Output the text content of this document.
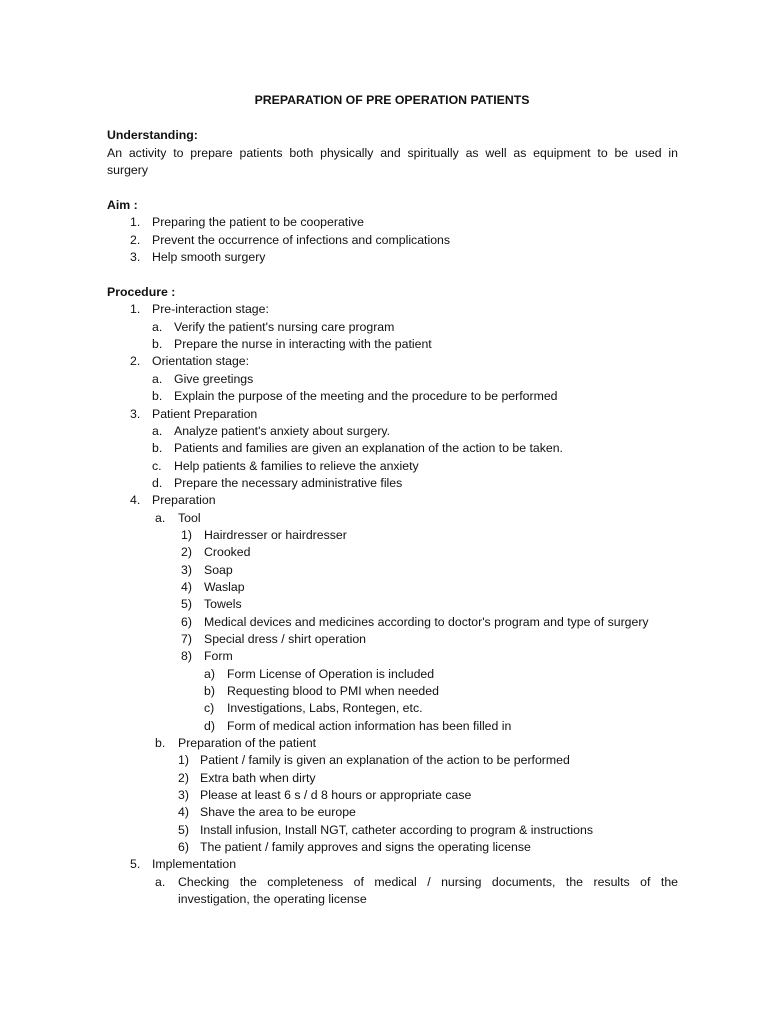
PREPARATION OF PRE OPERATION PATIENTS
Understanding:
An activity to prepare patients both physically and spiritually as well as equipment to be used in
surgery
Aim :
1. Preparing the patient to be cooperative
2. Prevent the occurrence of infections and complications
3. Help smooth surgery
Procedure :
1. Pre-interaction stage:
a. Verify the patient's nursing care program
b. Prepare the nurse in interacting with the patient
2. Orientation stage:
a. Give greetings
b. Explain the purpose of the meeting and the procedure to be performed
3. Patient Preparation
a. Analyze patient's anxiety about surgery.
b. Patients and families are given an explanation of the action to be taken.
c. Help patients & families to relieve the anxiety
d. Prepare the necessary administrative files
4. Preparation
a. Tool
1) Hairdresser or hairdresser
2) Crooked
3) Soap
4) Waslap
5) Towels
6) Medical devices and medicines according to doctor's program and type of surgery
7) Special dress / shirt operation
8) Form
a) Form License of Operation is included
b) Requesting blood to PMI when needed
c) Investigations, Labs, Rontegen, etc.
d) Form of medical action information has been filled in
b. Preparation of the patient
1) Patient / family is given an explanation of the action to be performed
2) Extra bath when dirty
3) Please at least 6 s / d 8 hours or appropriate case
4) Shave the area to be europe
5) Install infusion, Install NGT, catheter according to program & instructions
6) The patient / family approves and signs the operating license
5. Implementation
a. Checking the completeness of medical / nursing documents, the results of the
investigation, the operating license
